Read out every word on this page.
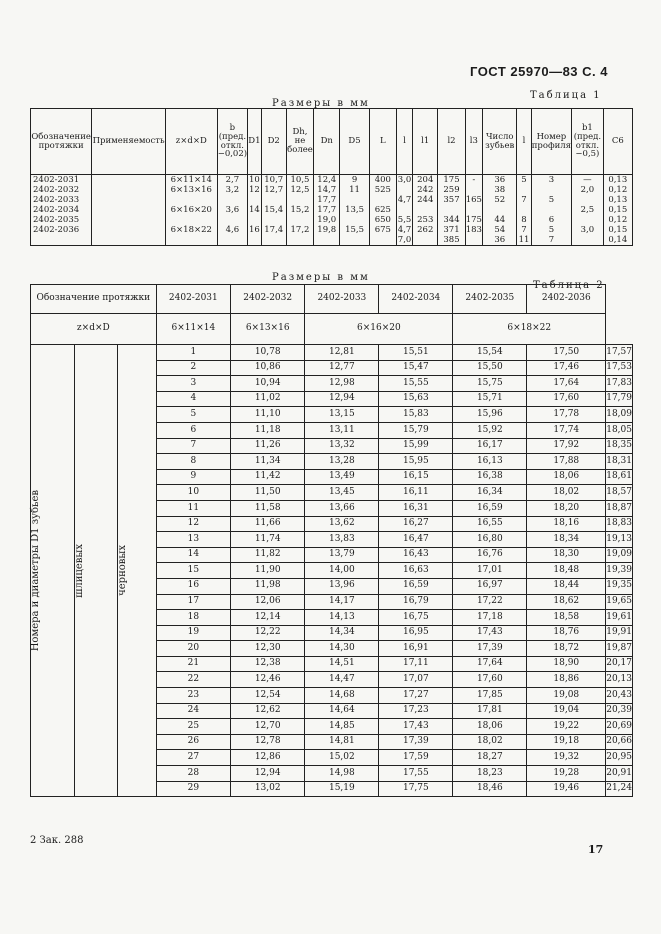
ГОСТ 25970—83 С. 4
Таблица 1
Размеры в мм
Обозначение протяжки	Применяемость	z×d×D	b (пред. откл. −0,02)	D1	D2	Dh, не более	Dn	D5	L	l	l1	l2	l3	Число зубьев	l	Номер профиля	b1 (пред. откл. −0,5)	C6
2402-2031		6×11×14	2,7	10	10,7	10,5	12,4	9	400	3,0	204	175	-	36	5	3	—	0,13
2402-2032		6×13×16	3,2	12	12,7	12,5	14,7	11	525		242	259		38			2,0	0,12
2402-2033							17,7			4,7	244	357	165	52	7	5		0,13
2402-2034		6×16×20	3,6	14	15,4	15,2	17,7	13,5	625								2,5	0,15
2402-2035							19,0		650	5,5	253	344	175	44	8	6		0,12
2402-2036		6×18×22	4,6	16	17,4	17,2	19,8	15,5	675	4,7	262	371	183	54	7	5	3,0	0,15
										7,0		385		36	11	7		0,14
Размеры в мм
Таблица 2
Обозначение протяжки			2402-2031	2402-2032	2402-2033	2402-2034	2402-2035	2402-2036	
z×d×D			6×11×14	6×13×16	6×16×20		6×18×22		

Номера и диаметры D1 зубьев	шлицевых	черновых	1	10,78	12,81	15,51	15,54	17,50	17,57
			2	10,86	12,77	15,47	15,50	17,46	17,53
			3	10,94	12,98	15,55	15,75	17,64	17,83
			4	11,02	12,94	15,63	15,71	17,60	17,79
			5	11,10	13,15	15,83	15,96	17,78	18,09
			6	11,18	13,11	15,79	15,92	17,74	18,05
			7	11,26	13,32	15,99	16,17	17,92	18,35
			8	11,34	13,28	15,95	16,13	17,88	18,31
			9	11,42	13,49	16,15	16,38	18,06	18,61
			10	11,50	13,45	16,11	16,34	18,02	18,57
			11	11,58	13,66	16,31	16,59	18,20	18,87
			12	11,66	13,62	16,27	16,55	18,16	18,83
			13	11,74	13,83	16,47	16,80	18,34	19,13
			14	11,82	13,79	16,43	16,76	18,30	19,09
			15	11,90	14,00	16,63	17,01	18,48	19,39
			16	11,98	13,96	16,59	16,97	18,44	19,35
			17	12,06	14,17	16,79	17,22	18,62	19,65
			18	12,14	14,13	16,75	17,18	18,58	19,61
			19	12,22	14,34	16,95	17,43	18,76	19,91
			20	12,30	14,30	16,91	17,39	18,72	19,87
			21	12,38	14,51	17,11	17,64	18,90	20,17
			22	12,46	14,47	17,07	17,60	18,86	20,13
			23	12,54	14,68	17,27	17,85	19,08	20,43
			24	12,62	14,64	17,23	17,81	19,04	20,39
			25	12,70	14,85	17,43	18,06	19,22	20,69
			26	12,78	14,81	17,39	18,02	19,18	20,66
			27	12,86	15,02	17,59	18,27	19,32	20,95
			28	12,94	14,98	17,55	18,23	19,28	20,91
			29	13,02	15,19	17,75	18,46	19,46	21,24
2 Зак. 288
17
